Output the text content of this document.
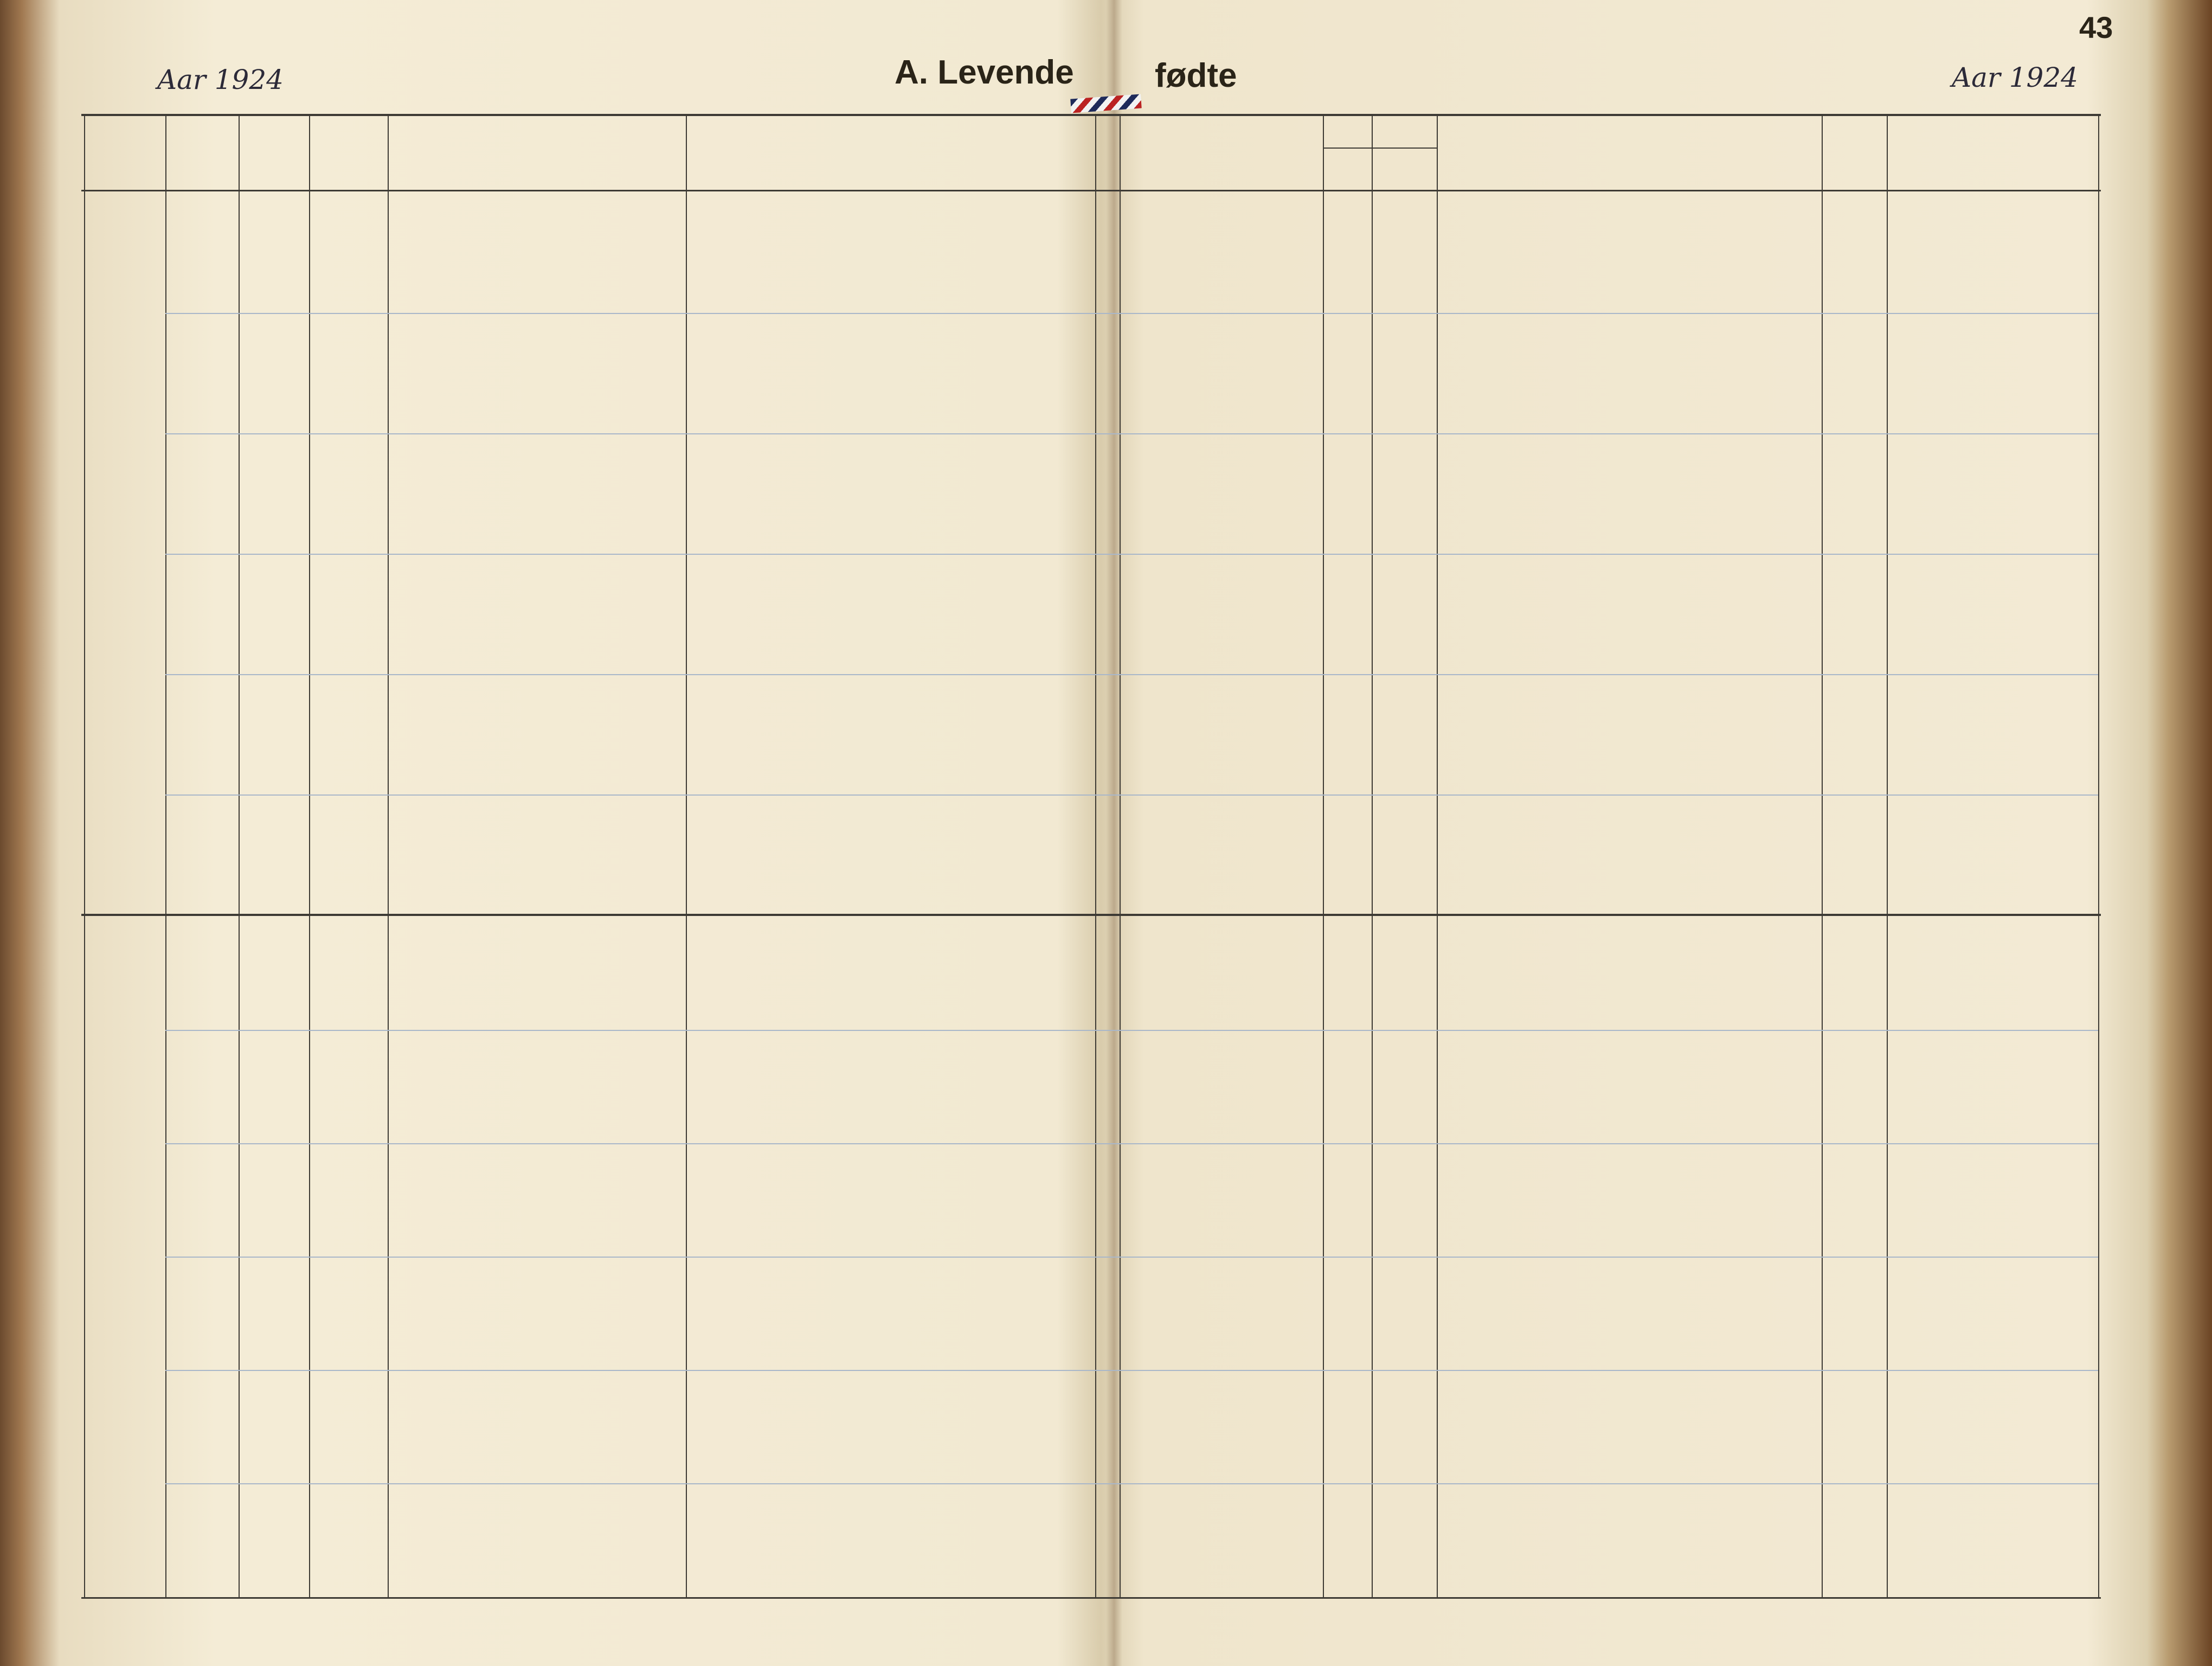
Aar 1924	A. Levende fødte	Aar 1924
43
